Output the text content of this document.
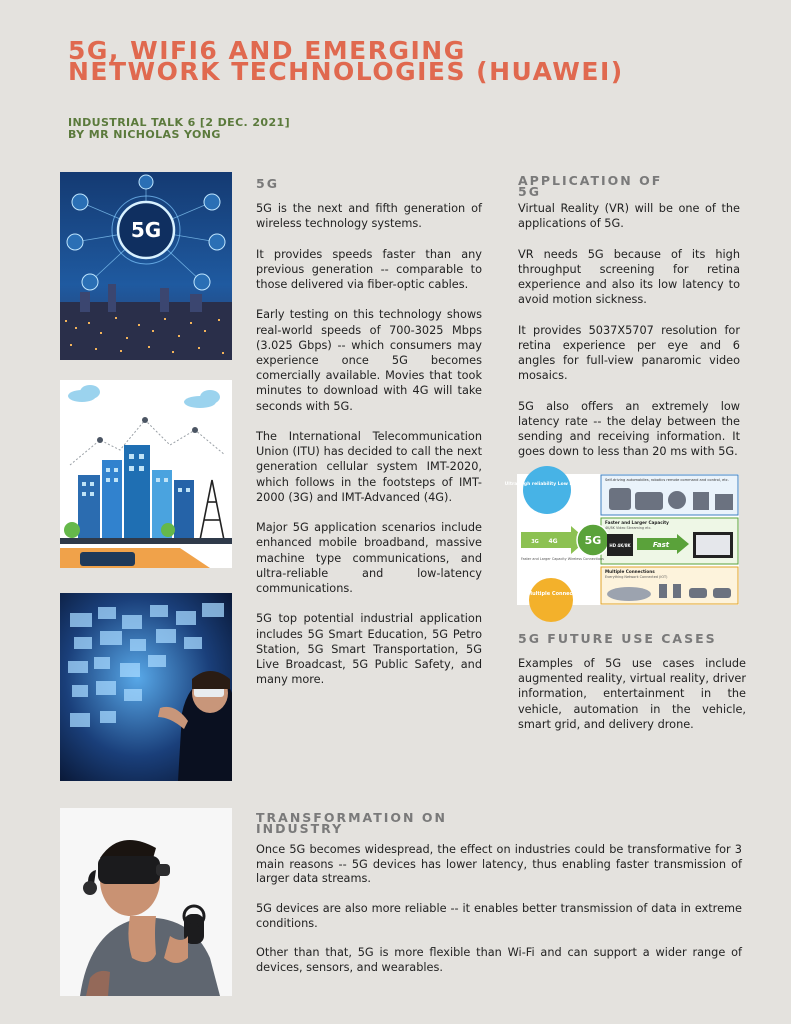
5G, WIFI6 AND EMERGING NETWORK TECHNOLOGIES (HUAWEI)
INDUSTRIAL TALK 6 [2 DEC. 2021]
BY MR NICHOLAS YONG
5G
Ultra-high reliability Low Latency
Multiple Connect
3G 4G
Faster and Larger Capacity Wireless Connections
5G
Self-driving automobiles, robotics remote command and control, etc.
Faster and Larger Capacity
4K/8K Video Streaming etc.
HD 4K/8K	Fast
Multiple Connections
Everything Network Connected (IOT)
5G

5G is the next and fifth generation of wireless technology systems.

It provides speeds faster than any previous generation -- comparable to those delivered via fiber-optic cables.

Early testing on this technology shows real-world speeds of 700-3025 Mbps (3.025 Gbps) -- which consumers may experience once 5G becomes comercially available. Movies that took minutes to download with 4G will take seconds with 5G.

The International Telecommunication Union (ITU) has decided to call the next generation cellular system IMT-2020, which follows in the footsteps of IMT-2000 (3G) and IMT-Advanced (4G).

Major 5G application scenarios include enhanced mobile broadband, massive machine type communications, and ultra-reliable and low-latency communications.

5G top potential industrial application includes 5G Smart Education, 5G Petro Station, 5G Smart Transportation, 5G Live Broadcast, 5G Public Safety, and many more.

APPLICATION OF
5G

Virtual Reality (VR) will be one of the applications of 5G.

VR needs 5G because of its high throughput screening for retina experience and also its low latency to avoid motion sickness.

It provides 5037X5707 resolution for retina experience per eye and 6 angles for full-view panaromic video mosaics.

5G also offers an extremely low latency rate -- the delay between the sending and receiving information. It goes down to less than 20 ms with 5G.

5G FUTURE USE CASES

Examples of 5G use cases include augmented reality, virtual reality, driver information, entertainment in the vehicle, automation in the vehicle, smart grid, and delivery drone.

TRANSFORMATION ON
INDUSTRY

Once 5G becomes widespread, the effect on industries could be transformative for 3 main reasons -- 5G devices has lower latency, thus enabling faster transmission of larger data streams.

5G devices are also more reliable -- it enables better transmission of data in extreme conditions.

Other than that, 5G is more flexible than Wi-Fi and can support a wider range of devices, sensors, and wearables.
